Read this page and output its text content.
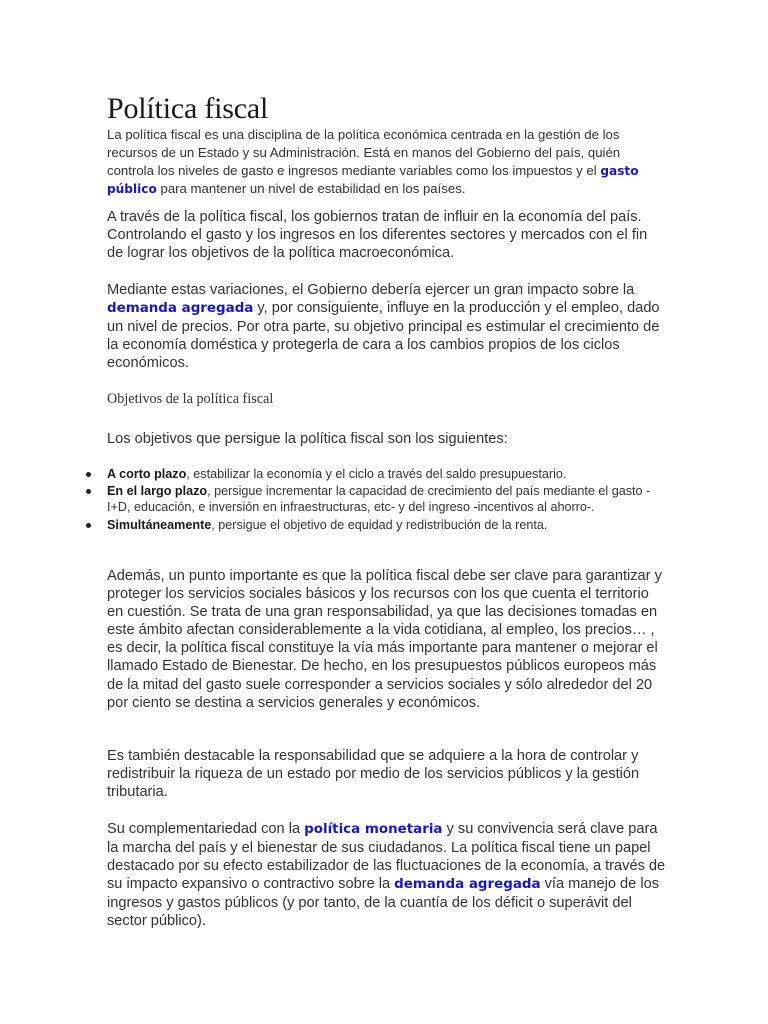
Política fiscal

La política fiscal es una disciplina de la política económica centrada en la gestión de los recursos de un Estado y su Administración. Está en manos del Gobierno del país, quién controla los niveles de gasto e ingresos mediante variables como los impuestos y el gasto público para mantener un nivel de estabilidad en los países.

A través de la política fiscal, los gobiernos tratan de influir en la economía del país. Controlando el gasto y los ingresos en los diferentes sectores y mercados con el fin de lograr los objetivos de la política macroeconómica.

Mediante estas variaciones, el Gobierno debería ejercer un gran impacto sobre la demanda agregada y, por consiguiente, influye en la producción y el empleo, dado un nivel de precios. Por otra parte, su objetivo principal es estimular el crecimiento de la economía doméstica y protegerla de cara a los cambios propios de los ciclos económicos.

Objetivos de la política fiscal

Los objetivos que persigue la política fiscal son los siguientes:

A corto plazo, estabilizar la economía y el ciclo a través del saldo presupuestario.
En el largo plazo, persigue incrementar la capacidad de crecimiento del país mediante el gasto -I+D, educación, e inversión en infraestructuras, etc- y del ingreso -incentivos al ahorro-.
Simultáneamente, persigue el objetivo de equidad y redistribución de la renta.

Además, un punto importante es que la política fiscal debe ser clave para garantizar y proteger los servicios sociales básicos y los recursos con los que cuenta el territorio en cuestión. Se trata de una gran responsabilidad, ya que las decisiones tomadas en este ámbito afectan considerablemente a la vida cotidiana, al empleo, los precios… , es decir, la política fiscal constituye la vía más importante para mantener o mejorar el llamado Estado de Bienestar. De hecho, en los presupuestos públicos europeos más de la mitad del gasto suele corresponder a servicios sociales y sólo alrededor del 20 por ciento se destina a servicios generales y económicos.

Es también destacable la responsabilidad que se adquiere a la hora de controlar y redistribuir la riqueza de un estado por medio de los servicios públicos y la gestión tributaria.

Su complementariedad con la política monetaria y su convivencia será clave para la marcha del país y el bienestar de sus ciudadanos. La política fiscal tiene un papel destacado por su efecto estabilizador de las fluctuaciones de la economía, a través de su impacto expansivo o contractivo sobre la demanda agregada vía manejo de los ingresos y gastos públicos (y por tanto, de la cuantía de los déficit o superávit del sector público).
